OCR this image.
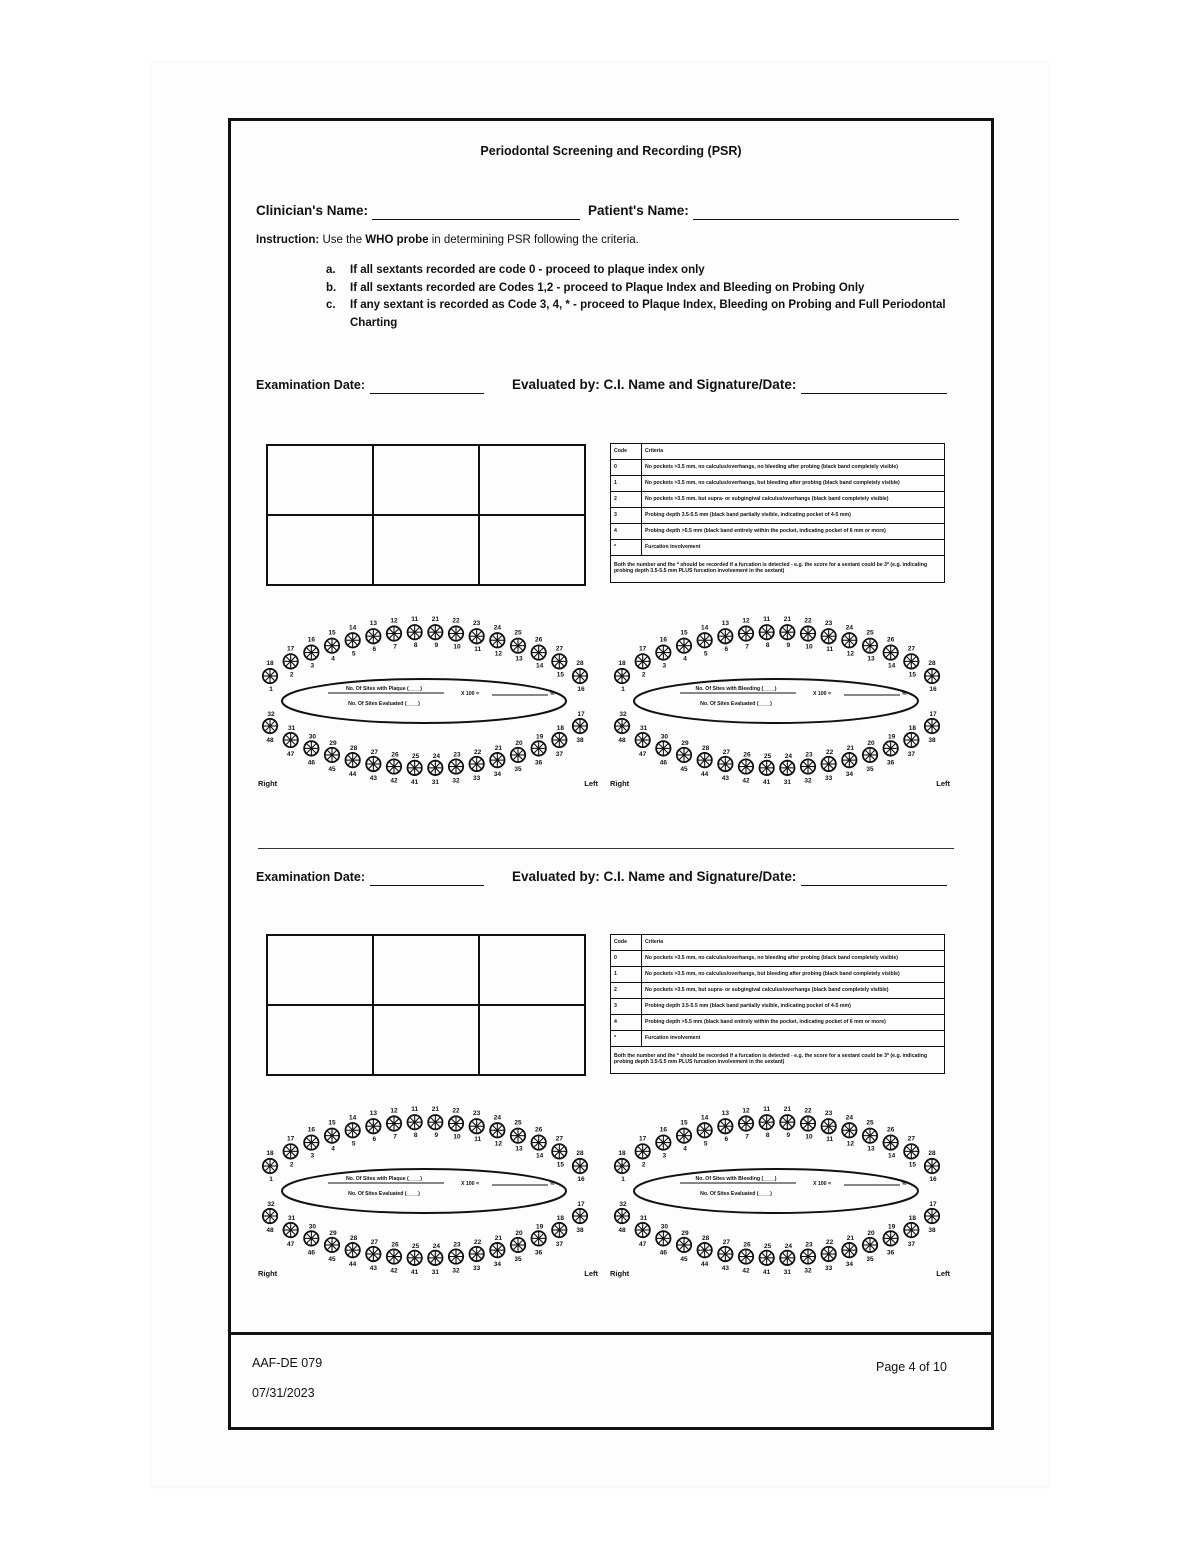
Periodontal Screening and Recording (PSR)
Clinician's Name:	Patient's Name:
Instruction: Use the WHO probe in determining PSR following the criteria.
a.	If all sextants recorded are code 0 - proceed to plaque index only
b.	If all sextants recorded are Codes 1,2 - proceed to Plaque Index and Bleeding on Probing Only
c.	If any sextant is recorded as Code 3, 4, * - proceed to Plaque Index, Bleeding on Probing and Full Periodontal Charting
Examination Date:	Evaluated by: C.I. Name and Signature/Date:

Code	Criteria
0	No pockets >3.5 mm, no calculus/overhangs, no bleeding after probing (black band completely visible)
1	No pockets >3.5 mm, no calculus/overhangs, but bleeding after probing (black band completely visible)
2	No pockets >3.5 mm, but supra- or subgingival calculus/overhangs (black band completely visible)
3	Probing depth 3.5-5.5 mm (black band partially visible, indicating pocket of 4-5 mm)
4	Probing depth >5.5 mm (black band entirely within the pocket, indicating pocket of 6 mm or more)
*	Furcation involvement
Both the number and the * should be recorded if a furcation is detected - e.g. the score for a sextant could be 3* (e.g. indicating probing depth 3.5-5.5 mm PLUS furcation involvement in the sextant)	
18
1
48
32
17
2
47
31
16
3
46
30
15
4
45
29
14
5
44
28
13
6
43
27
12
7
42
26
11
8
41
25
21
9
31
24
22
10
32
23
23
11
33
22
24
12
34
21
25
13
35
20
26
14
36
19
27
15
37
18
28
16
38
17
No. Of Sites with Plaque (____)
No. Of Sites Evaluated (____)
X 100 =	%
Right	Left
18
1
48
32
17
2
47
31
16
3
46
30
15
4
45
29
14
5
44
28
13
6
43
27
12
7
42
26
11
8
41
25
21
9
31
24
22
10
32
23
23
11
33
22
24
12
34
21
25
13
35
20
26
14
36
19
27
15
37
18
28
16
38
17
No. Of Sites with Bleeding (____)
No. Of Sites Evaluated (____)
X 100 =	%
Right	Left
Examination Date:	Evaluated by: C.I. Name and Signature/Date:

Code	Criteria
0	No pockets >3.5 mm, no calculus/overhangs, no bleeding after probing (black band completely visible)
1	No pockets >3.5 mm, no calculus/overhangs, but bleeding after probing (black band completely visible)
2	No pockets >3.5 mm, but supra- or subgingival calculus/overhangs (black band completely visible)
3	Probing depth 3.5-5.5 mm (black band partially visible, indicating pocket of 4-5 mm)
4	Probing depth >5.5 mm (black band entirely within the pocket, indicating pocket of 6 mm or more)
*	Furcation involvement
Both the number and the * should be recorded if a furcation is detected - e.g. the score for a sextant could be 3* (e.g. indicating probing depth 3.5-5.5 mm PLUS furcation involvement in the sextant)	
18
1
48
32
17
2
47
31
16
3
46
30
15
4
45
29
14
5
44
28
13
6
43
27
12
7
42
26
11
8
41
25
21
9
31
24
22
10
32
23
23
11
33
22
24
12
34
21
25
13
35
20
26
14
36
19
27
15
37
18
28
16
38
17
No. Of Sites with Plaque (____)
No. Of Sites Evaluated (____)
X 100 =	%
Right	Left
18
1
48
32
17
2
47
31
16
3
46
30
15
4
45
29
14
5
44
28
13
6
43
27
12
7
42
26
11
8
41
25
21
9
31
24
22
10
32
23
23
11
33
22
24
12
34
21
25
13
35
20
26
14
36
19
27
15
37
18
28
16
38
17
No. Of Sites with Bleeding (____)
No. Of Sites Evaluated (____)
X 100 =	%
Right	Left
AAF-DE 079
07/31/2023
Page 4 of 10
